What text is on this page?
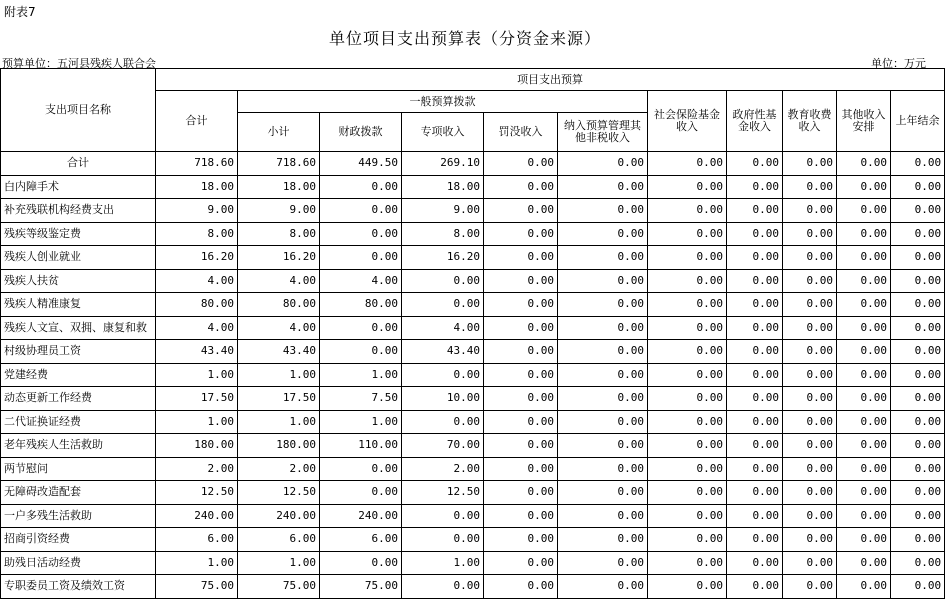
附表7
单位项目支出预算表（分资金来源）
预算单位：五河县残疾人联合会	单位：万元
支出项目名称	项目支出预算										
	合计	一般预算拨款					社会保险基金收入	政府性基金收入	教育收费收入	其他收入安排	上年结余
		小计	财政拨款	专项收入	罚没收入	纳入预算管理其他非税收入					
合计	718.60	718.60	449.50	269.10	0.00	0.00	0.00	0.00	0.00	0.00	0.00
白内障手术	18.00	18.00	0.00	18.00	0.00	0.00	0.00	0.00	0.00	0.00	0.00
补充残联机构经费支出	9.00	9.00	0.00	9.00	0.00	0.00	0.00	0.00	0.00	0.00	0.00
残疾等级鉴定费	8.00	8.00	0.00	8.00	0.00	0.00	0.00	0.00	0.00	0.00	0.00
残疾人创业就业	16.20	16.20	0.00	16.20	0.00	0.00	0.00	0.00	0.00	0.00	0.00
残疾人扶贫	4.00	4.00	4.00	0.00	0.00	0.00	0.00	0.00	0.00	0.00	0.00
残疾人精准康复	80.00	80.00	80.00	0.00	0.00	0.00	0.00	0.00	0.00	0.00	0.00
残疾人文宣、双拥、康复和救	4.00	4.00	0.00	4.00	0.00	0.00	0.00	0.00	0.00	0.00	0.00
村级协理员工资	43.40	43.40	0.00	43.40	0.00	0.00	0.00	0.00	0.00	0.00	0.00
党建经费	1.00	1.00	1.00	0.00	0.00	0.00	0.00	0.00	0.00	0.00	0.00
动态更新工作经费	17.50	17.50	7.50	10.00	0.00	0.00	0.00	0.00	0.00	0.00	0.00
二代证换证经费	1.00	1.00	1.00	0.00	0.00	0.00	0.00	0.00	0.00	0.00	0.00
老年残疾人生活救助	180.00	180.00	110.00	70.00	0.00	0.00	0.00	0.00	0.00	0.00	0.00
两节慰问	2.00	2.00	0.00	2.00	0.00	0.00	0.00	0.00	0.00	0.00	0.00
无障碍改造配套	12.50	12.50	0.00	12.50	0.00	0.00	0.00	0.00	0.00	0.00	0.00
一户多残生活救助	240.00	240.00	240.00	0.00	0.00	0.00	0.00	0.00	0.00	0.00	0.00
招商引资经费	6.00	6.00	6.00	0.00	0.00	0.00	0.00	0.00	0.00	0.00	0.00
助残日活动经费	1.00	1.00	0.00	1.00	0.00	0.00	0.00	0.00	0.00	0.00	0.00
专职委员工资及绩效工资	75.00	75.00	75.00	0.00	0.00	0.00	0.00	0.00	0.00	0.00	0.00
